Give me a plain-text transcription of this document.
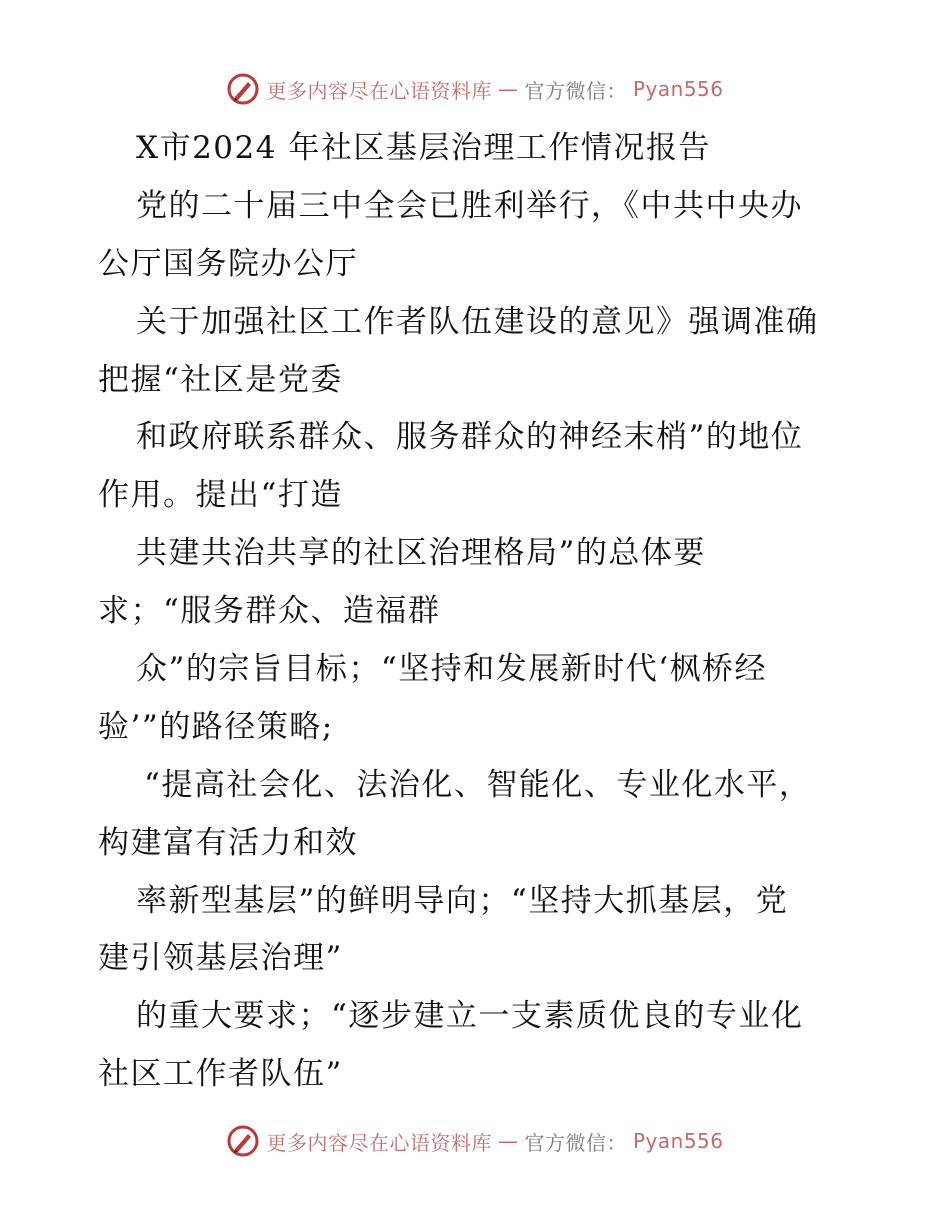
更多内容尽在心语资料库 — 官方微信： Pyan556
X市2024 年社区基层治理工作情况报告
党的二十届三中全会已胜利举行，《中共中央办
公厅国务院办公厅
关于加强社区工作者队伍建设的意见》强调准确
把握“社区是党委
和政府联系群众、服务群众的神经末梢”的地位
作用。提出“打造
共建共治共享的社区治理格局”的总体要
求；“服务群众、造福群
众”的宗旨目标；“坚持和发展新时代‘枫桥经
验’”的路径策略;
“提高社会化、法治化、智能化、专业化水平，
构建富有活力和效
率新型基层”的鲜明导向；“坚持大抓基层，党
建引领基层治理”
的重大要求；“逐步建立一支素质优良的专业化
社区工作者队伍”
更多内容尽在心语资料库 — 官方微信： Pyan556
